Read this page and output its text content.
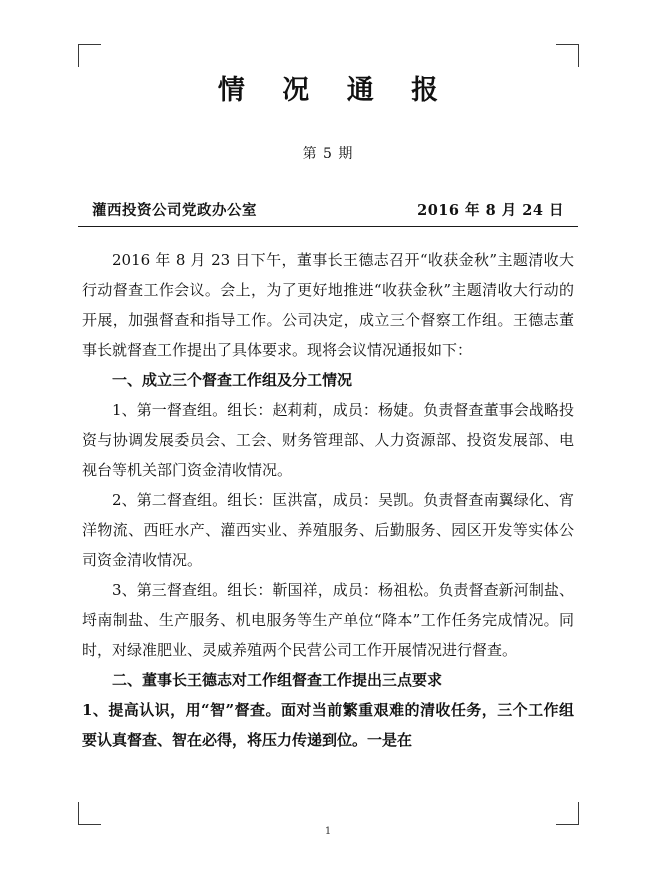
情 况 通 报
第 5 期
灌西投资公司党政办公室	2016 年 8 月 24 日

2016 年 8 月 23 日下午，董事长王德志召开“收获金秋”主题清收大行动督查工作会议。会上，为了更好地推进“收获金秋”主题清收大行动的开展，加强督查和指导工作。公司决定，成立三个督察工作组。王德志董事长就督查工作提出了具体要求。现将会议情况通报如下：

一、成立三个督查工作组及分工情况

1、第一督查组。组长：赵莉莉，成员：杨婕。负责督查董事会战略投资与协调发展委员会、工会、财务管理部、人力资源部、投资发展部、电视台等机关部门资金清收情况。

2、第二督查组。组长：匡洪富，成员：吴凯。负责督查南翼绿化、宵洋物流、西旺水产、灌西实业、养殖服务、后勤服务、园区开发等实体公司资金清收情况。

3、第三督查组。组长：靳国祥，成员：杨祖松。负责督查新河制盐、埒南制盐、生产服务、机电服务等生产单位“降本”工作任务完成情况。同时，对绿准肥业、灵威养殖两个民营公司工作开展情况进行督查。

二、董事长王德志对工作组督查工作提出三点要求

1、提高认识，用“智”督查。面对当前繁重艰难的清收任务，三个工作组要认真督查、智在必得，将压力传递到位。一是在

1
